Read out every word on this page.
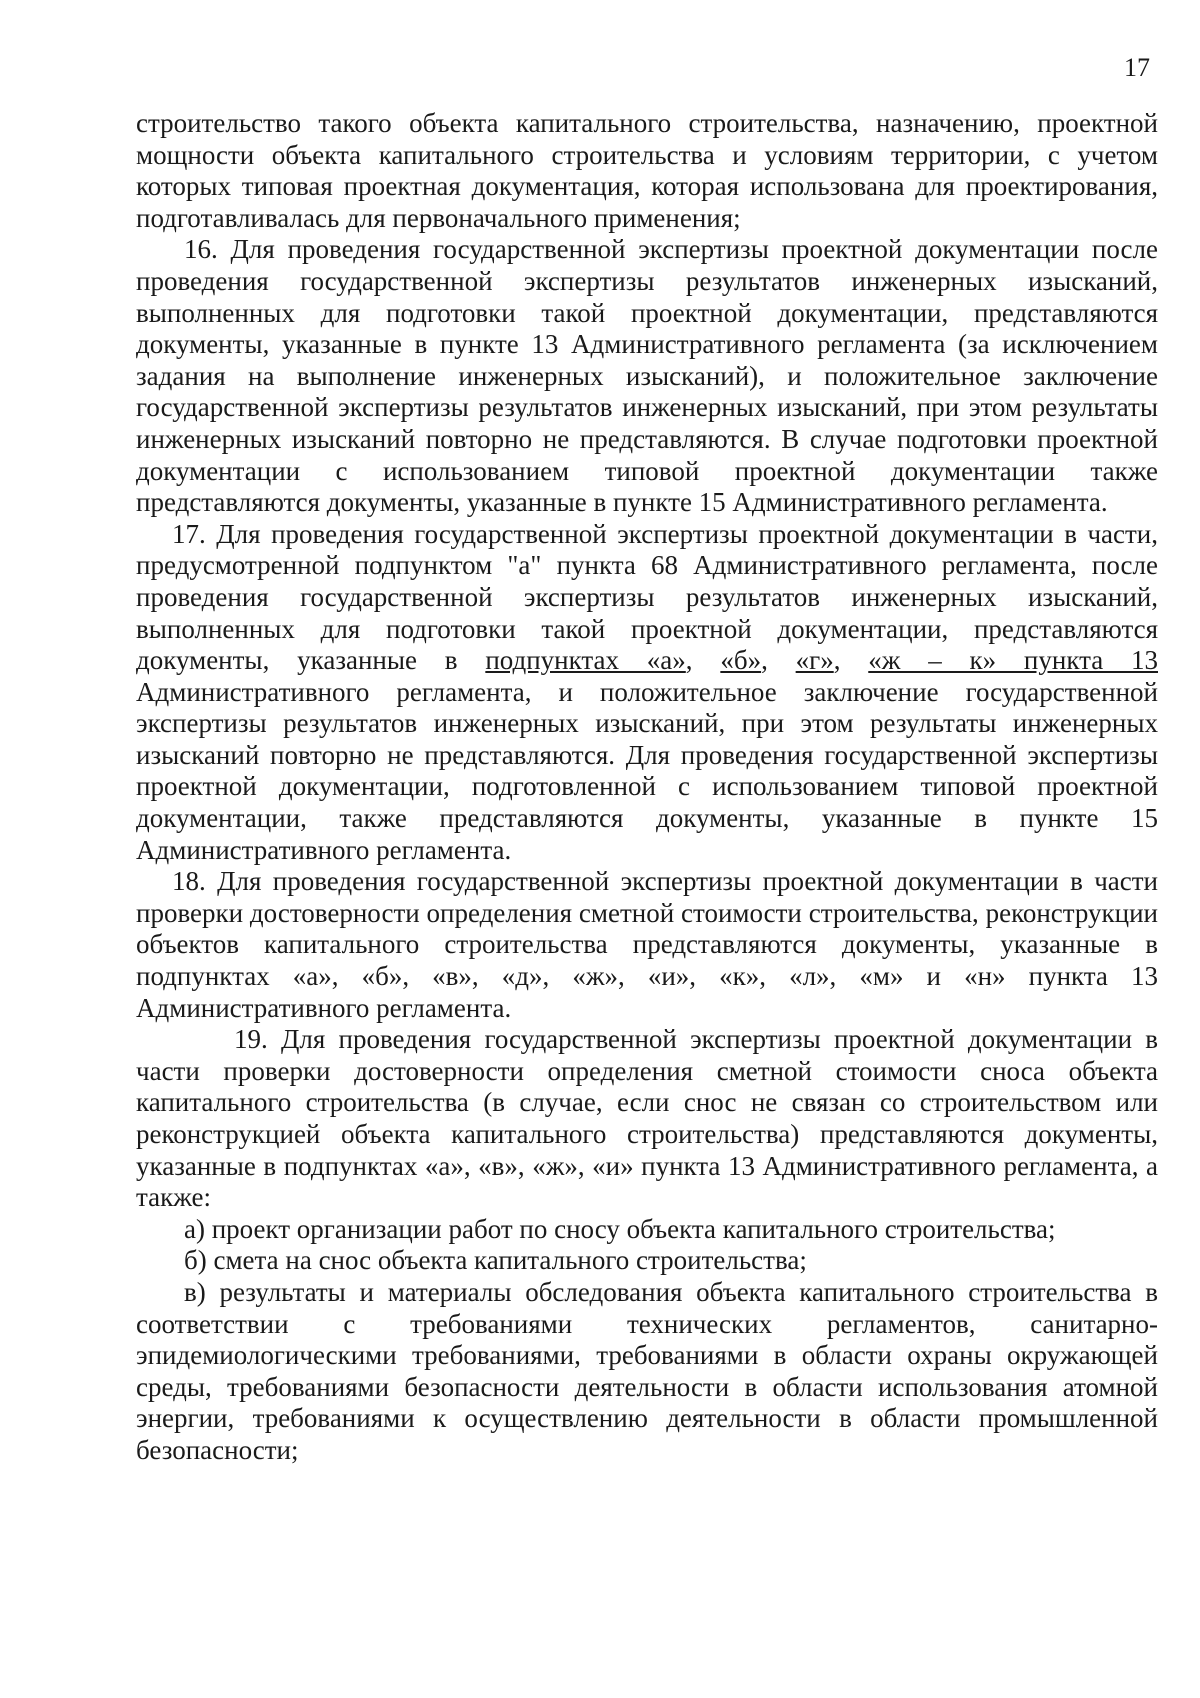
17

строительство такого объекта капитального строительства, назначению, проектной мощности объекта капитального строительства и условиям территории, с учетом которых типовая проектная документация, которая использована для проектирования, подготавливалась для первоначального применения;

16. Для проведения государственной экспертизы проектной документации после проведения государственной экспертизы результатов инженерных изысканий, выполненных для подготовки такой проектной документации, представляются документы, указанные в пункте 13 Административного регламента (за исключением задания на выполнение инженерных изысканий), и положительное заключение государственной экспертизы результатов инженерных изысканий, при этом результаты инженерных изысканий повторно не представляются. В случае подготовки проектной документации с использованием типовой проектной документации также представляются документы, указанные в пункте 15 Административного регламента.

17. Для проведения государственной экспертизы проектной документации в части, предусмотренной подпунктом "а" пункта 68 Административного регламента, после проведения государственной экспертизы результатов инженерных изысканий, выполненных для подготовки такой проектной документации, представляются документы, указанные в подпунктах «а», «б», «г», «ж – к» пункта 13 Административного регламента, и положительное заключение государственной экспертизы результатов инженерных изысканий, при этом результаты инженерных изысканий повторно не представляются. Для проведения государственной экспертизы проектной документации, подготовленной с использованием типовой проектной документации, также представляются документы, указанные в пункте 15 Административного регламента.

18. Для проведения государственной экспертизы проектной документации в части проверки достоверности определения сметной стоимости строительства, реконструкции объектов капитального строительства представляются документы, указанные в подпунктах «а», «б», «в», «д», «ж», «и», «к», «л», «м» и «н» пункта 13 Административного регламента.

19. Для проведения государственной экспертизы проектной документации в части проверки достоверности определения сметной стоимости сноса объекта капитального строительства (в случае, если снос не связан со строительством или реконструкцией объекта капитального строительства) представляются документы, указанные в подпунктах «а», «в», «ж», «и» пункта 13 Административного регламента, а также:

а) проект организации работ по сносу объекта капитального строительства;

б) смета на снос объекта капитального строительства;

в) результаты и материалы обследования объекта капитального строительства в соответствии с требованиями технических регламентов, санитарно-эпидемиологическими требованиями, требованиями в области охраны окружающей среды, требованиями безопасности деятельности в области использования атомной энергии, требованиями к осуществлению деятельности в области промышленной безопасности;
